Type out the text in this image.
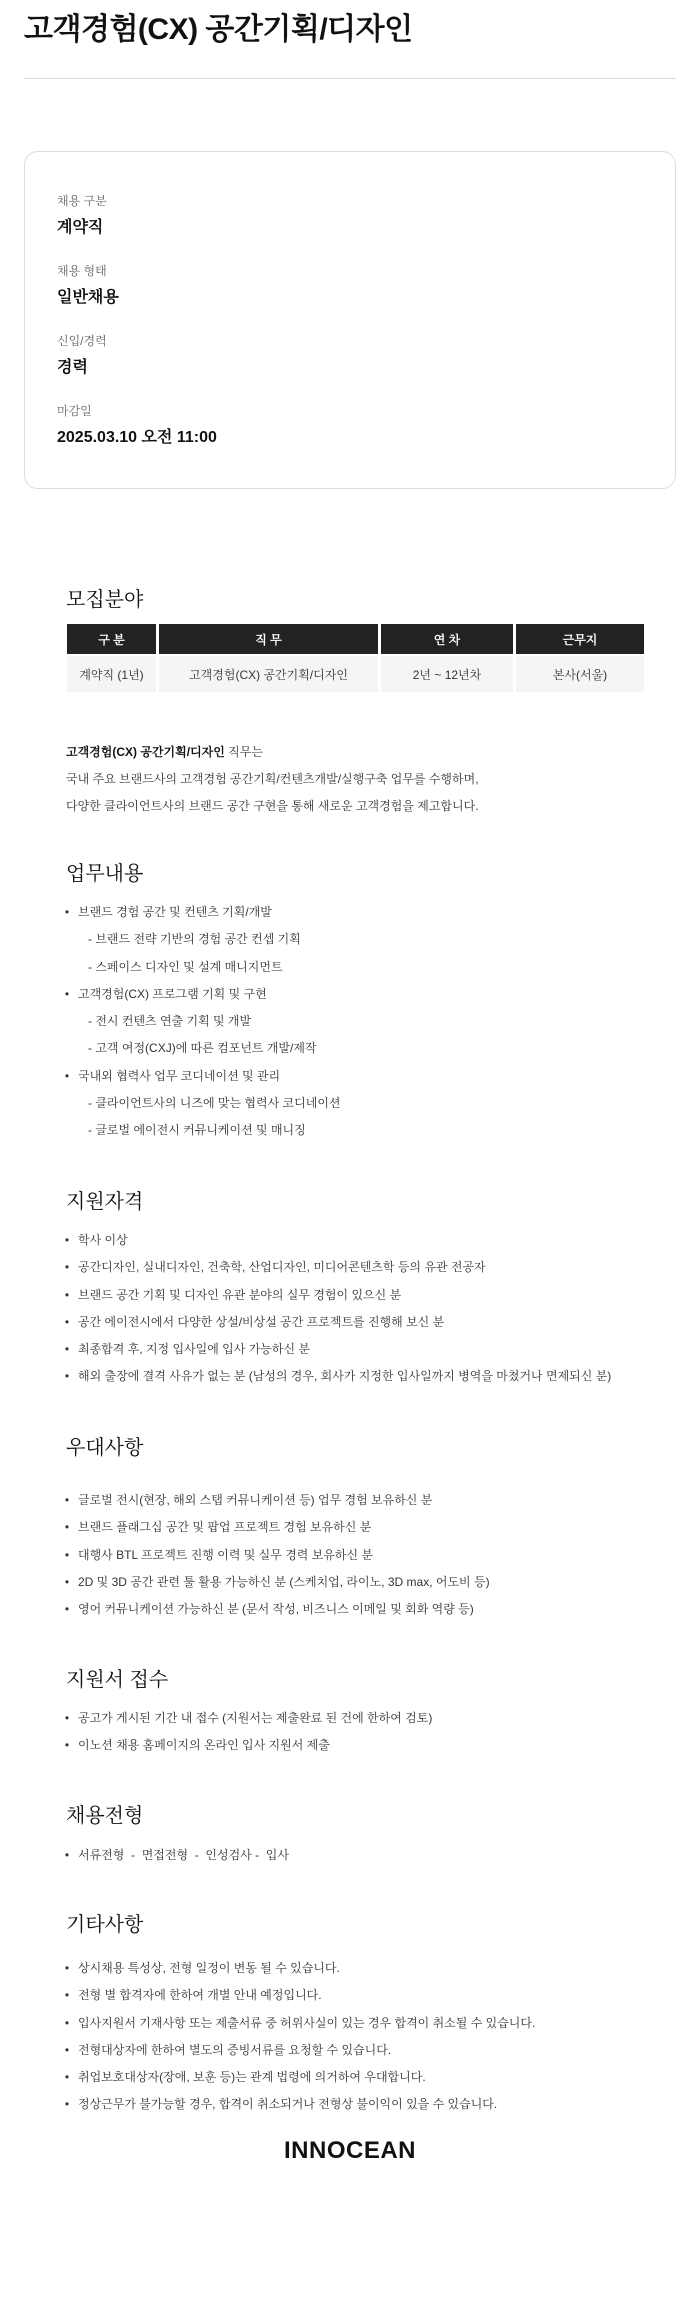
고객경험(CX) 공간기획/디자인
채용 구분
계약직
채용 형태
일반채용
신입/경력
경력
마감일
2025.03.10 오전 11:00
모집분야
구 분	직 무	연 차	근무지
계약직 (1년)	고객경험(CX) 공간기획/디자인	2년 ~ 12년차	본사(서울)
고객경험(CX) 공간기획/디자인 직무는
국내 주요 브랜드사의 고객경험 공간기획/컨텐츠개발/실행구축 업무를 수행하며,
다양한 클라이언트사의 브랜드 공간 구현을 통해 새로운 고객경험을 제고합니다.
업무내용
• 브랜드 경험 공간 및 컨텐츠 기획/개발
- 브랜드 전략 기반의 경험 공간 컨셉 기획
- 스페이스 디자인 및 설계 매니지먼트
• 고객경험(CX) 프로그램 기획 및 구현
- 전시 컨텐츠 연출 기획 및 개발
- 고객 여정(CXJ)에 따른 컴포넌트 개발/제작
• 국내외 협력사 업무 코디네이션 및 관리
- 클라이언트사의 니즈에 맞는 협력사 코디네이션
- 글로벌 에이전시 커뮤니케이션 및 매니징
지원자격
• 학사 이상
• 공간디자인, 실내디자인, 건축학, 산업디자인, 미디어콘텐츠학 등의 유관 전공자
• 브랜드 공간 기획 및 디자인 유관 분야의 실무 경험이 있으신 분
• 공간 에이전시에서 다양한 상설/비상설 공간 프로젝트를 진행해 보신 분
• 최종합격 후, 지정 입사일에 입사 가능하신 분
• 해외 출장에 결격 사유가 없는 분 (남성의 경우, 회사가 지정한 입사일까지 병역을 마쳤거나 면제되신 분)
우대사항
• 글로벌 전시(현장, 해외 스탭 커뮤니케이션 등) 업무 경험 보유하신 분
• 브랜드 플래그십 공간 및 팝업 프로젝트 경험 보유하신 분
• 대행사 BTL 프로젝트 진행 이력 및 실무 경력 보유하신 분
• 2D 및 3D 공간 관련 툴 활용 가능하신 분 (스케치업, 라이노, 3D max, 어도비 등)
• 영어 커뮤니케이션 가능하신 분 (문서 작성, 비즈니스 이메일 및 회화 역량 등)
지원서 접수
• 공고가 게시된 기간 내 접수 (지원서는 제출완료 된 건에 한하여 검토)
• 이노션 채용 홈페이지의 온라인 입사 지원서 제출
채용전형
• 서류전형  -  면접전형  -  인성검사 -  입사
기타사항
• 상시채용 특성상, 전형 일정이 변동 될 수 있습니다.
• 전형 별 합격자에 한하여 개별 안내 예정입니다.
• 입사지원서 기재사항 또는 제출서류 중 허위사실이 있는 경우 합격이 취소될 수 있습니다.
• 전형대상자에 한하여 별도의 증빙서류를 요청할 수 있습니다.
• 취업보호대상자(장애, 보훈 등)는 관계 법령에 의거하여 우대합니다.
• 정상근무가 불가능할 경우, 합격이 취소되거나 전형상 불이익이 있을 수 있습니다.
INNOCEAN
